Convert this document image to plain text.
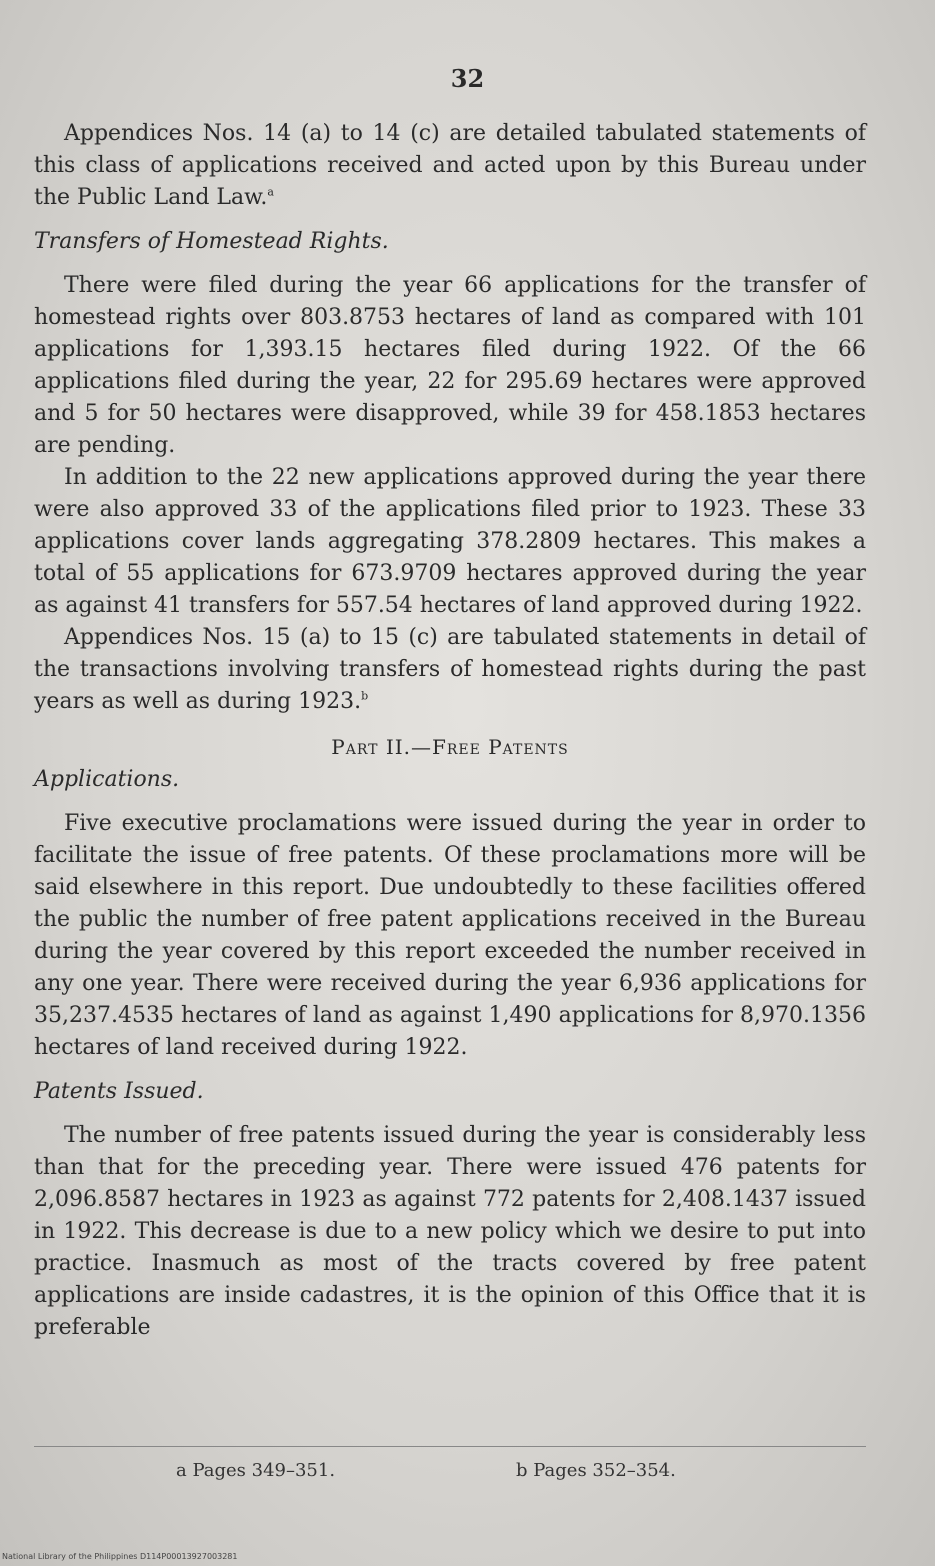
32

Appendices Nos. 14 (a) to 14 (c) are detailed tabulated statements of this class of applications received and acted upon by this Bureau under the Public Land Law.$^a$

Transfers of Homestead Rights.

There were filed during the year 66 applications for the transfer of homestead rights over 803.8753 hectares of land as compared with 101 applications for 1,393.15 hectares filed during 1922. Of the 66 applications filed during the year, 22 for 295.69 hectares were approved and 5 for 50 hectares were disapproved, while 39 for 458.1853 hectares are pending.

In addition to the 22 new applications approved during the year there were also approved 33 of the applications filed prior to 1923. These 33 applications cover lands aggregating 378.2809 hectares. This makes a total of 55 applications for 673.9709 hectares approved during the year as against 41 transfers for 557.54 hectares of land approved during 1922.

Appendices Nos. 15 (a) to 15 (c) are tabulated statements in detail of the transactions involving transfers of homestead rights during the past years as well as during 1923.$^b$

Part II.—Free Patents
Applications.

Five executive proclamations were issued during the year in order to facilitate the issue of free patents. Of these proclamations more will be said elsewhere in this report. Due undoubtedly to these facilities offered the public the number of free patent applications received in the Bureau during the year covered by this report exceeded the number received in any one year. There were received during the year 6,936 applications for 35,237.4535 hectares of land as against 1,490 applications for 8,970.1356 hectares of land received during 1922.

Patents Issued.

The number of free patents issued during the year is considerably less than that for the preceding year. There were issued 476 patents for 2,096.8587 hectares in 1923 as against 772 patents for 2,408.1437 issued in 1922. This decrease is due to a new policy which we desire to put into practice. Inasmuch as most of the tracts covered by free patent applications are inside cadastres, it is the opinion of this Office that it is preferable

a Pages 349–351.	b Pages 352–354.
National Library of the Philippines D114P00013927003281
